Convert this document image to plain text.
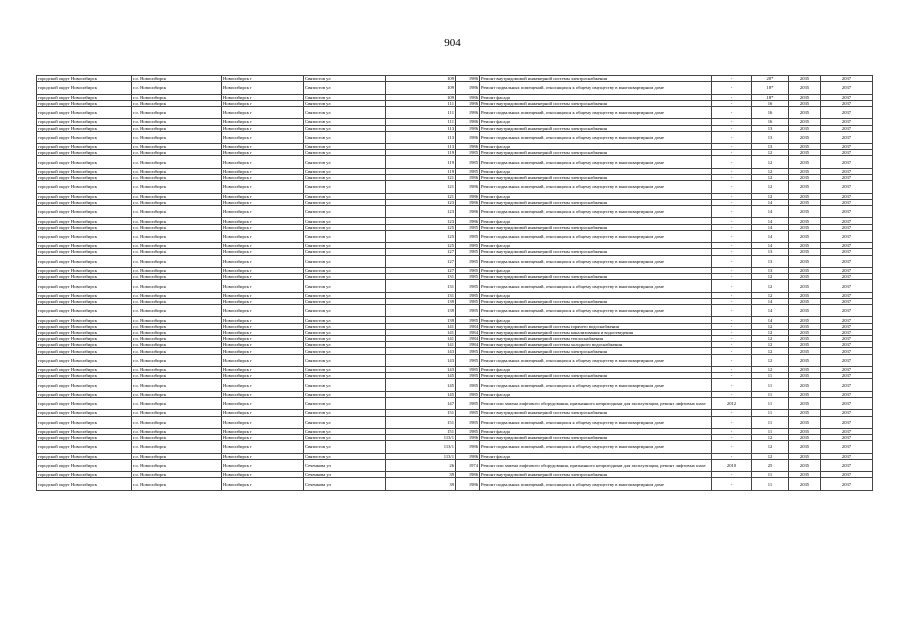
904
городской округ Новосибирск	г.о. Новосибирск	Новосибирск г	Связистов ул	109	1986	Ремонт внутридомовой инженерной системы электроснабжения	-	20*	2035	2037
городской округ Новосибирск	г.о. Новосибирск	Новосибирск г	Связистов ул	109	1986	Ремонт подвальных помещений, относящихся к общему имуществу в многоквартирном доме	-	18*	2035	2037
городской округ Новосибирск	г.о. Новосибирск	Новосибирск г	Связистов ул	109	1986	Ремонт фасада	-	18*	2035	2037
городской округ Новосибирск	г.о. Новосибирск	Новосибирск г	Связистов ул	111	1986	Ремонт внутридомовой инженерной системы электроснабжения	-	16	2035	2037
городской округ Новосибирск	г.о. Новосибирск	Новосибирск г	Связистов ул	111	1986	Ремонт подвальных помещений, относящихся к общему имуществу в многоквартирном доме	-	16	2035	2037
городской округ Новосибирск	г.о. Новосибирск	Новосибирск г	Связистов ул	111	1986	Ремонт фасада	-	16	2035	2037
городской округ Новосибирск	г.о. Новосибирск	Новосибирск г	Связистов ул	113	1986	Ремонт внутридомовой инженерной системы электроснабжения	-	13	2035	2037
городской округ Новосибирск	г.о. Новосибирск	Новосибирск г	Связистов ул	113	1986	Ремонт подвальных помещений, относящихся к общему имуществу в многоквартирном доме	-	13	2035	2037
городской округ Новосибирск	г.о. Новосибирск	Новосибирск г	Связистов ул	113	1986	Ремонт фасада	-	13	2035	2037
городской округ Новосибирск	г.о. Новосибирск	Новосибирск г	Связистов ул	119	1985	Ремонт внутридомовой инженерной системы электроснабжения	-	12	2035	2037
городской округ Новосибирск	г.о. Новосибирск	Новосибирск г	Связистов ул	119	1985	Ремонт подвальных помещений, относящихся к общему имуществу в многоквартирном доме	-	12	2035	2037
городской округ Новосибирск	г.о. Новосибирск	Новосибирск г	Связистов ул	119	1985	Ремонт фасада	-	12	2035	2037
городской округ Новосибирск	г.о. Новосибирск	Новосибирск г	Связистов ул	121	1986	Ремонт внутридомовой инженерной системы электроснабжения	-	12	2035	2037
городской округ Новосибирск	г.о. Новосибирск	Новосибирск г	Связистов ул	121	1986	Ремонт подвальных помещений, относящихся к общему имуществу в многоквартирном доме	-	12	2035	2037
городской округ Новосибирск	г.о. Новосибирск	Новосибирск г	Связистов ул	121	1986	Ремонт фасада	-	12	2035	2037
городской округ Новосибирск	г.о. Новосибирск	Новосибирск г	Связистов ул	123	1986	Ремонт внутридомовой инженерной системы электроснабжения	-	14	2035	2037
городской округ Новосибирск	г.о. Новосибирск	Новосибирск г	Связистов ул	123	1986	Ремонт подвальных помещений, относящихся к общему имуществу в многоквартирном доме	-	14	2035	2037
городской округ Новосибирск	г.о. Новосибирск	Новосибирск г	Связистов ул	123	1986	Ремонт фасада	-	14	2035	2037
городской округ Новосибирск	г.о. Новосибирск	Новосибирск г	Связистов ул	125	1985	Ремонт внутридомовой инженерной системы электроснабжения	-	14	2035	2037
городской округ Новосибирск	г.о. Новосибирск	Новосибирск г	Связистов ул	125	1985	Ремонт подвальных помещений, относящихся к общему имуществу в многоквартирном доме	-	14	2035	2037
городской округ Новосибирск	г.о. Новосибирск	Новосибирск г	Связистов ул	125	1985	Ремонт фасада	-	14	2035	2037
городской округ Новосибирск	г.о. Новосибирск	Новосибирск г	Связистов ул	127	1985	Ремонт внутридомовой инженерной системы электроснабжения	-	13	2035	2037
городской округ Новосибирск	г.о. Новосибирск	Новосибирск г	Связистов ул	127	1985	Ремонт подвальных помещений, относящихся к общему имуществу в многоквартирном доме	-	13	2035	2037
городской округ Новосибирск	г.о. Новосибирск	Новосибирск г	Связистов ул	127	1985	Ремонт фасада	-	13	2035	2037
городской округ Новосибирск	г.о. Новосибирск	Новосибирск г	Связистов ул	131	1985	Ремонт внутридомовой инженерной системы электроснабжения	-	12	2035	2037
городской округ Новосибирск	г.о. Новосибирск	Новосибирск г	Связистов ул	131	1985	Ремонт подвальных помещений, относящихся к общему имуществу в многоквартирном доме	-	12	2035	2037
городской округ Новосибирск	г.о. Новосибирск	Новосибирск г	Связистов ул	131	1985	Ремонт фасада	-	12	2035	2037
городской округ Новосибирск	г.о. Новосибирск	Новосибирск г	Связистов ул	139	1985	Ремонт внутридомовой инженерной системы электроснабжения	-	14	2035	2037
городской округ Новосибирск	г.о. Новосибирск	Новосибирск г	Связистов ул	139	1985	Ремонт подвальных помещений, относящихся к общему имуществу в многоквартирном доме	-	14	2035	2037
городской округ Новосибирск	г.о. Новосибирск	Новосибирск г	Связистов ул	139	1985	Ремонт фасада	-	14	2035	2037
городской округ Новосибирск	г.о. Новосибирск	Новосибирск г	Связистов ул	141	1984	Ремонт внутридомовой инженерной системы горячего водоснабжения	-	12	2035	2037
городской округ Новосибирск	г.о. Новосибирск	Новосибирск г	Связистов ул	141	1984	Ремонт внутридомовой инженерной системы канализования и водоотведения	-	12	2035	2037
городской округ Новосибирск	г.о. Новосибирск	Новосибирск г	Связистов ул	141	1984	Ремонт внутридомовой инженерной системы теплоснабжения	-	12	2035	2037
городской округ Новосибирск	г.о. Новосибирск	Новосибирск г	Связистов ул	141	1984	Ремонт внутридомовой инженерной системы холодного водоснабжения	-	12	2035	2037
городской округ Новосибирск	г.о. Новосибирск	Новосибирск г	Связистов ул	143	1985	Ремонт внутридомовой инженерной системы электроснабжения	-	12	2035	2037
городской округ Новосибирск	г.о. Новосибирск	Новосибирск г	Связистов ул	143	1985	Ремонт подвальных помещений, относящихся к общему имуществу в многоквартирном доме	-	12	2035	2037
городской округ Новосибирск	г.о. Новосибирск	Новосибирск г	Связистов ул	143	1985	Ремонт фасада	-	12	2035	2037
городской округ Новосибирск	г.о. Новосибирск	Новосибирск г	Связистов ул	145	1985	Ремонт внутридомовой инженерной системы электроснабжения	-	11	2035	2037
городской округ Новосибирск	г.о. Новосибирск	Новосибирск г	Связистов ул	145	1985	Ремонт подвальных помещений, относящихся к общему имуществу в многоквартирном доме	-	11	2035	2037
городской округ Новосибирск	г.о. Новосибирск	Новосибирск г	Связистов ул	145	1985	Ремонт фасада	-	11	2035	2037
городской округ Новосибирск	г.о. Новосибирск	Новосибирск г	Связистов ул	147	1985	Ремонт или замена лифтового оборудования, признанного непригодным для эксплуатации, ремонт лифтовых шахт	2012	11	2035	2037
городской округ Новосибирск	г.о. Новосибирск	Новосибирск г	Связистов ул	151	1985	Ремонт внутридомовой инженерной системы электроснабжения	-	11	2035	2037
городской округ Новосибирск	г.о. Новосибирск	Новосибирск г	Связистов ул	151	1985	Ремонт подвальных помещений, относящихся к общему имуществу в многоквартирном доме	-	11	2035	2037
городской округ Новосибирск	г.о. Новосибирск	Новосибирск г	Связистов ул	151	1985	Ремонт фасада	-	11	2035	2037
городской округ Новосибирск	г.о. Новосибирск	Новосибирск г	Связистов ул	113/1	1986	Ремонт внутридомовой инженерной системы электроснабжения	-	12	2035	2037
городской округ Новосибирск	г.о. Новосибирск	Новосибирск г	Связистов ул	113/1	1986	Ремонт подвальных помещений, относящихся к общему имуществу в многоквартирном доме	-	12	2035	2037
городской округ Новосибирск	г.о. Новосибирск	Новосибирск г	Связистов ул	113/1	1986	Ремонт фасада	-	12	2035	2037
городской округ Новосибирск	г.о. Новосибирск	Новосибирск г	Сеченкова ул	26	1974	Ремонт или замена лифтового оборудования, признанного непригодным для эксплуатации, ремонт лифтовых шахт	2010	25	2035	2037
городской округ Новосибирск	г.о. Новосибирск	Новосибирск г	Сеченкова ул	39	1986	Ремонт внутридомовой инженерной системы электроснабжения	-	11	2035	2037
городской округ Новосибирск	г.о. Новосибирск	Новосибирск г	Сеченкова ул	39	1986	Ремонт подвальных помещений, относящихся к общему имуществу в многоквартирном доме	-	11	2035	2037
